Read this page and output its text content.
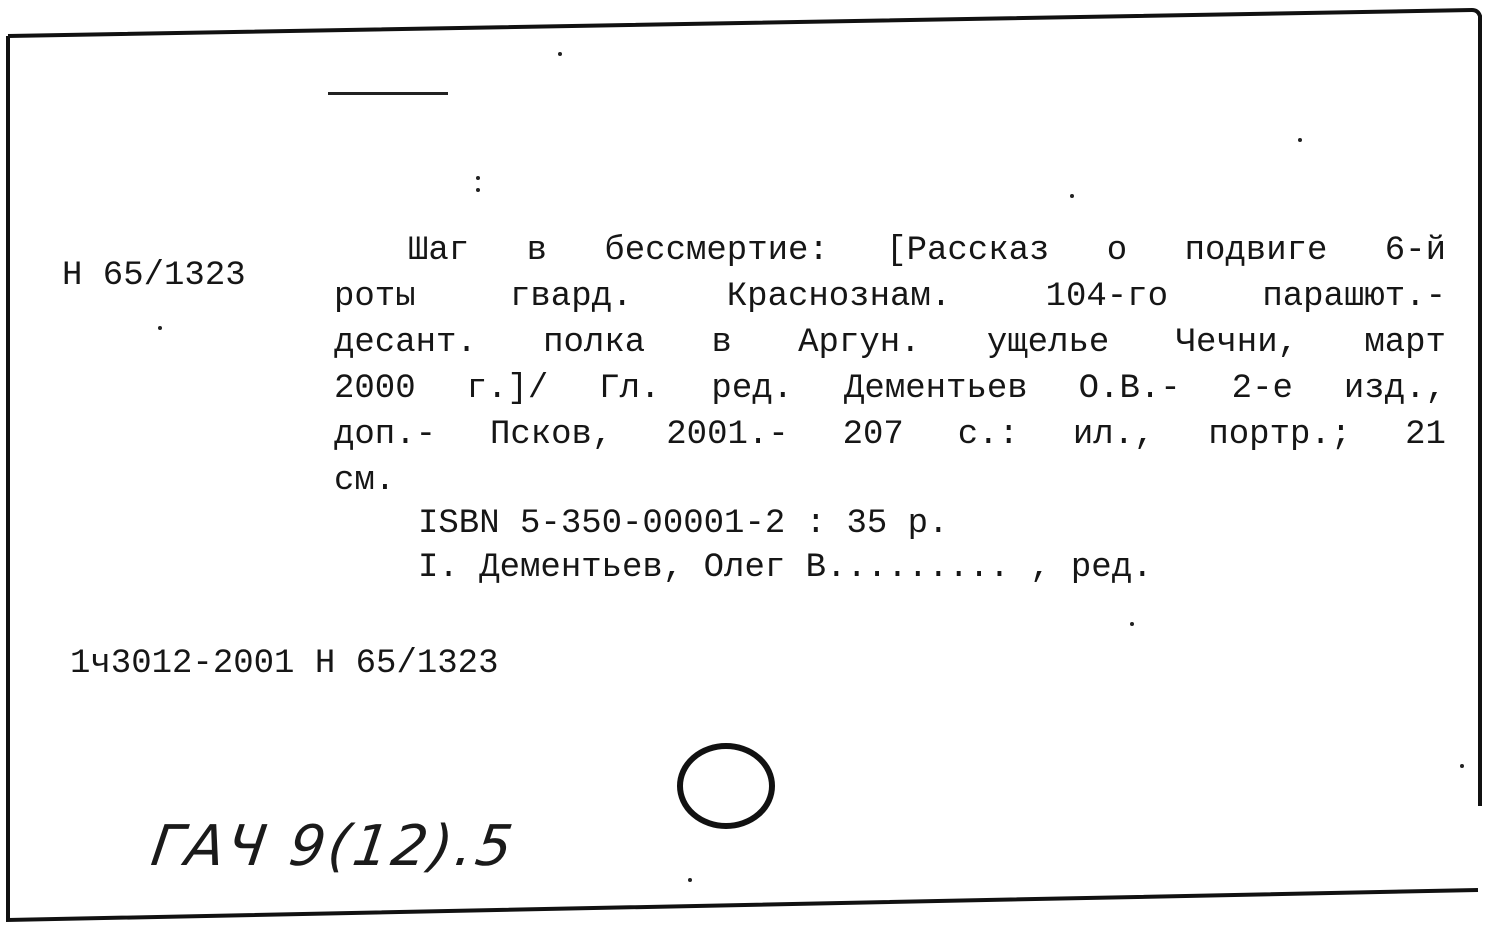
Н 65/1323
Шаг в бессмертие: [Рассказ о подвиге 6-й
роты	гвард.	Краснознам.	104-го	парашют.-
десант. полка в Аргун. ущелье Чечни, март
2000 г.]/ Гл. ред. Дементьев О.В.- 2-е изд.,
доп.- Псков, 2001.- 207 с.: ил., портр.; 21
см.
ISBN 5-350-00001-2 : 35 р.
I. Дементьев, Олег В......... , ред.
1ч3012-2001 Н 65/1323
ГАЧ 9(12).5
